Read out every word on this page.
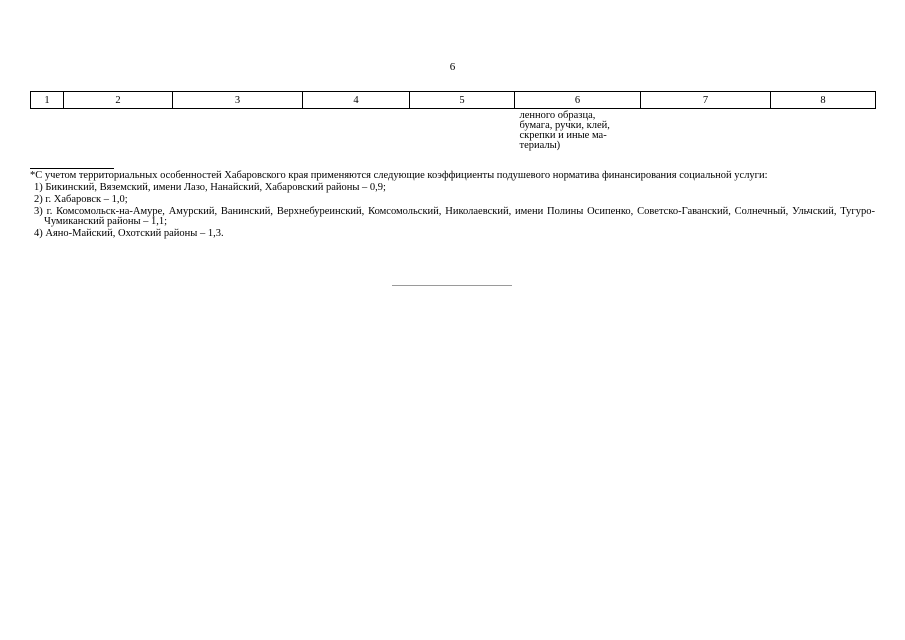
6
1	2	3	4	5	6	7	8

					ленного образца,
бумага, ручки, клей,
скрепки и иные ма-
териалы)		

*С учетом территориальных особенностей Хабаровского края применяются следующие коэффициенты подушевого норматива финансирования социальной услуги:
1) Бикинский, Вяземский, имени Лазо, Нанайский, Хабаровский районы – 0,9;
2) г. Хабаровск – 1,0;
3) г. Комсомольск-на-Амуре, Амурский, Ванинский, Верхнебуреинский, Комсомольский, Николаевский, имени Полины Осипенко, Советско-Гаванский, Солнечный, Ульчский, Тугуро-Чумиканский районы – 1,1;
4) Аяно-Майский, Охотский районы – 1,3.
